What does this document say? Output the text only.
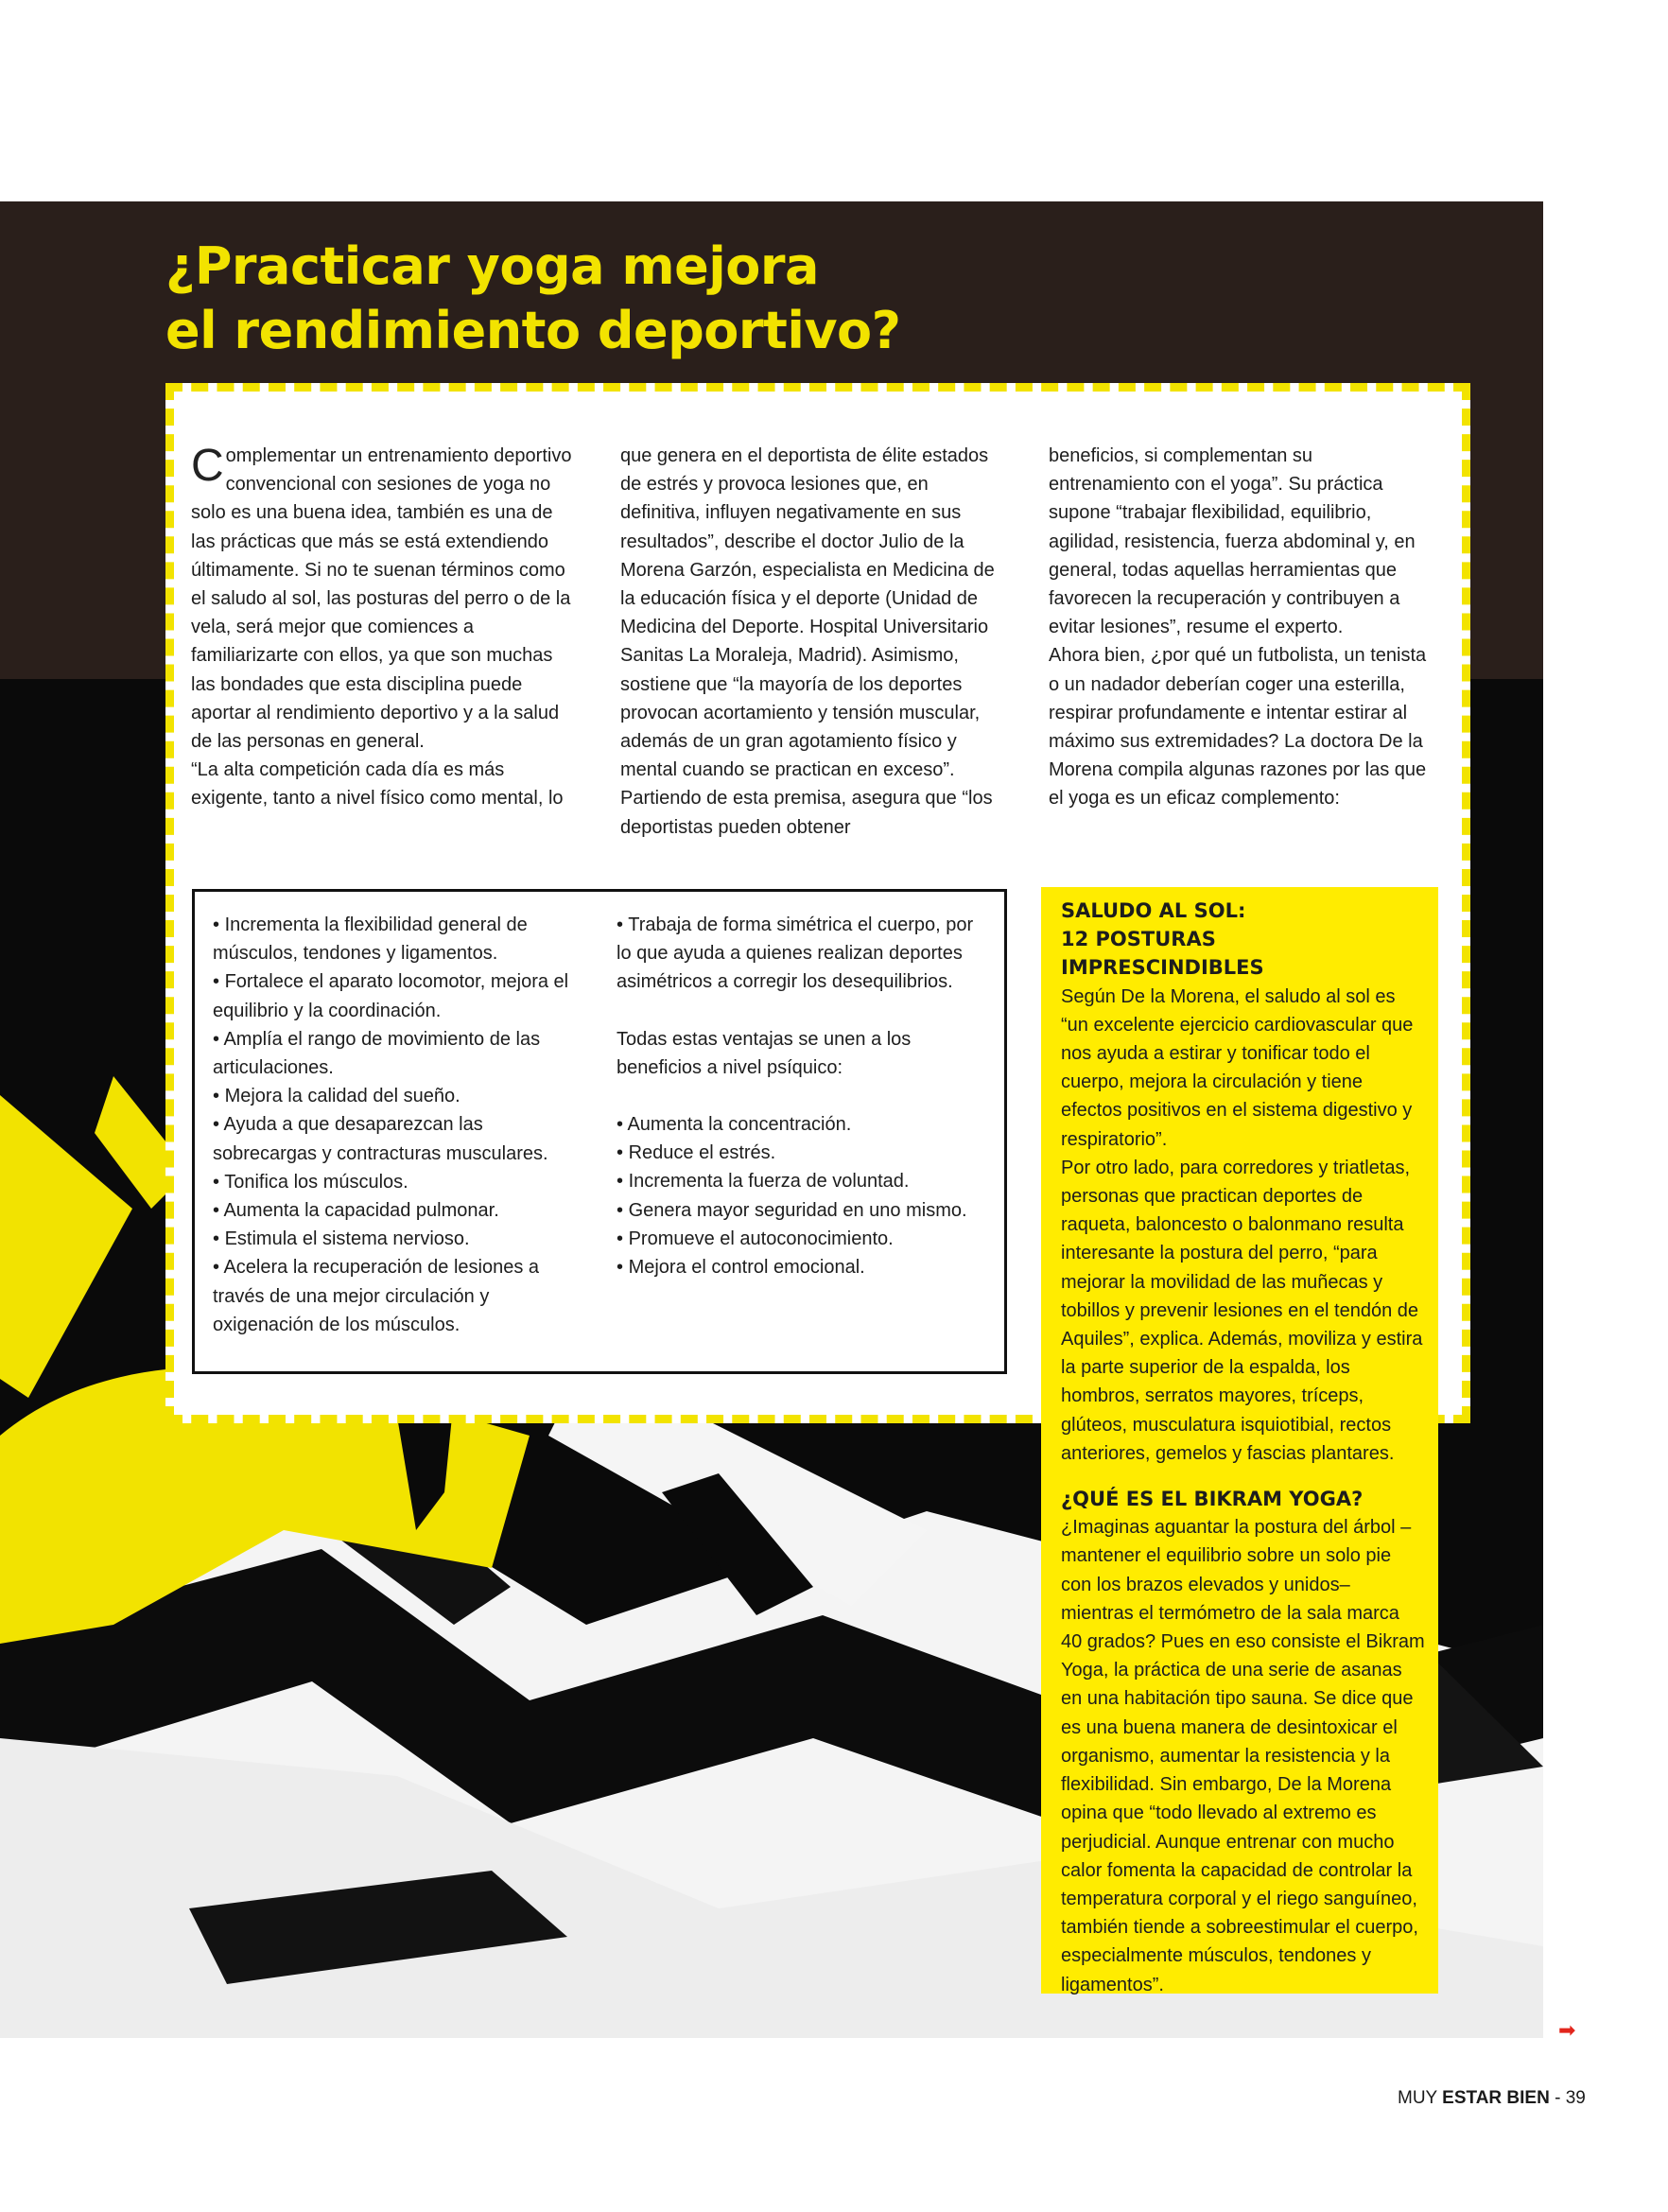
¿Practicar yoga mejora
el rendimiento deportivo?

Complementar un entrenamiento deportivo convencional con sesiones de yoga no solo es una buena idea, también es una de las prácticas que más se está extendiendo últimamente. Si no te suenan términos como el saludo al sol, las posturas del perro o de la vela, será mejor que comiences a familiarizarte con ellos, ya que son muchas las bondades que esta disciplina puede aportar al rendimiento deportivo y a la salud de las personas en general.

“La alta competición cada día es más exigente, tanto a nivel físico como mental, lo

que genera en el deportista de élite estados de estrés y provoca lesiones que, en definitiva, influyen negativamente en sus resultados”, describe el doctor Julio de la Morena Garzón, especialista en Medicina de la educación física y el deporte (Unidad de Medicina del Deporte. Hospital Universitario Sanitas La Moraleja, Madrid). Asimismo, sostiene que “la mayoría de los deportes provocan acortamiento y tensión muscular, además de un gran agotamiento físico y mental cuando se practican en exceso”. Partiendo de esta premisa, asegura que “los deportistas pueden obtener

beneficios, si complementan su entrenamiento con el yoga”. Su práctica supone “trabajar flexibilidad, equilibrio, agilidad, resistencia, fuerza abdominal y, en general, todas aquellas herramientas que favorecen la recuperación y contribuyen a evitar lesiones”, resume el experto.

Ahora bien, ¿por qué un futbolista, un tenista o un nadador deberían coger una esterilla, respirar profundamente e intentar estirar al máximo sus extremidades? La doctora De la Morena compila algunas razones por las que el yoga es un eficaz complemento:

• Incrementa la flexibilidad general de músculos, tendones y ligamentos.

• Fortalece el aparato locomotor, mejora el equilibrio y la coordinación.

• Amplía el rango de movimiento de las articulaciones.

• Mejora la calidad del sueño.

• Ayuda a que desaparezcan las sobrecargas y contracturas musculares.

• Tonifica los músculos.

• Aumenta la capacidad pulmonar.

• Estimula el sistema nervioso.

• Acelera la recuperación de lesiones a través de una mejor circulación y oxigenación de los músculos.

• Trabaja de forma simétrica el cuerpo, por lo que ayuda a quienes realizan deportes asimétricos a corregir los desequilibrios.

Todas estas ventajas se unen a los beneficios a nivel psíquico:

• Aumenta la concentración.

• Reduce el estrés.

• Incrementa la fuerza de voluntad.

• Genera mayor seguridad en uno mismo.

• Promueve el autoconocimiento.

• Mejora el control emocional.

SALUDO AL SOL:
12 POSTURAS IMPRESCINDIBLES

Según De la Morena, el saludo al sol es “un excelente ejercicio cardiovascular que nos ayuda a estirar y tonificar todo el cuerpo, mejora la circulación y tiene efectos positivos en el sistema digestivo y respiratorio”.

Por otro lado, para corredores y triatletas, personas que practican deportes de raqueta, baloncesto o balonmano resulta interesante la postura del perro, “para mejorar la movilidad de las muñecas y tobillos y prevenir lesiones en el tendón de Aquiles”, explica. Además, moviliza y estira la parte superior de la espalda, los hombros, serratos mayores, tríceps, glúteos, musculatura isquiotibial, rectos anteriores, gemelos y fascias plantares.

¿QUÉ ES EL BIKRAM YOGA?

¿Imaginas aguantar la postura del árbol –mantener el equilibrio sobre un solo pie con los brazos elevados y unidos– mientras el termómetro de la sala marca 40 grados? Pues en eso consiste el Bikram Yoga, la práctica de una serie de asanas en una habitación tipo sauna. Se dice que es una buena manera de desintoxicar el organismo, aumentar la resistencia y la flexibilidad. Sin embargo, De la Morena opina que “todo llevado al extremo es perjudicial. Aunque entrenar con mucho calor fomenta la capacidad de controlar la temperatura corporal y el riego sanguíneo, también tiende a sobreestimular el cuerpo, especialmente músculos, tendones y ligamentos”.

➡
MUY ESTAR BIEN - 39
